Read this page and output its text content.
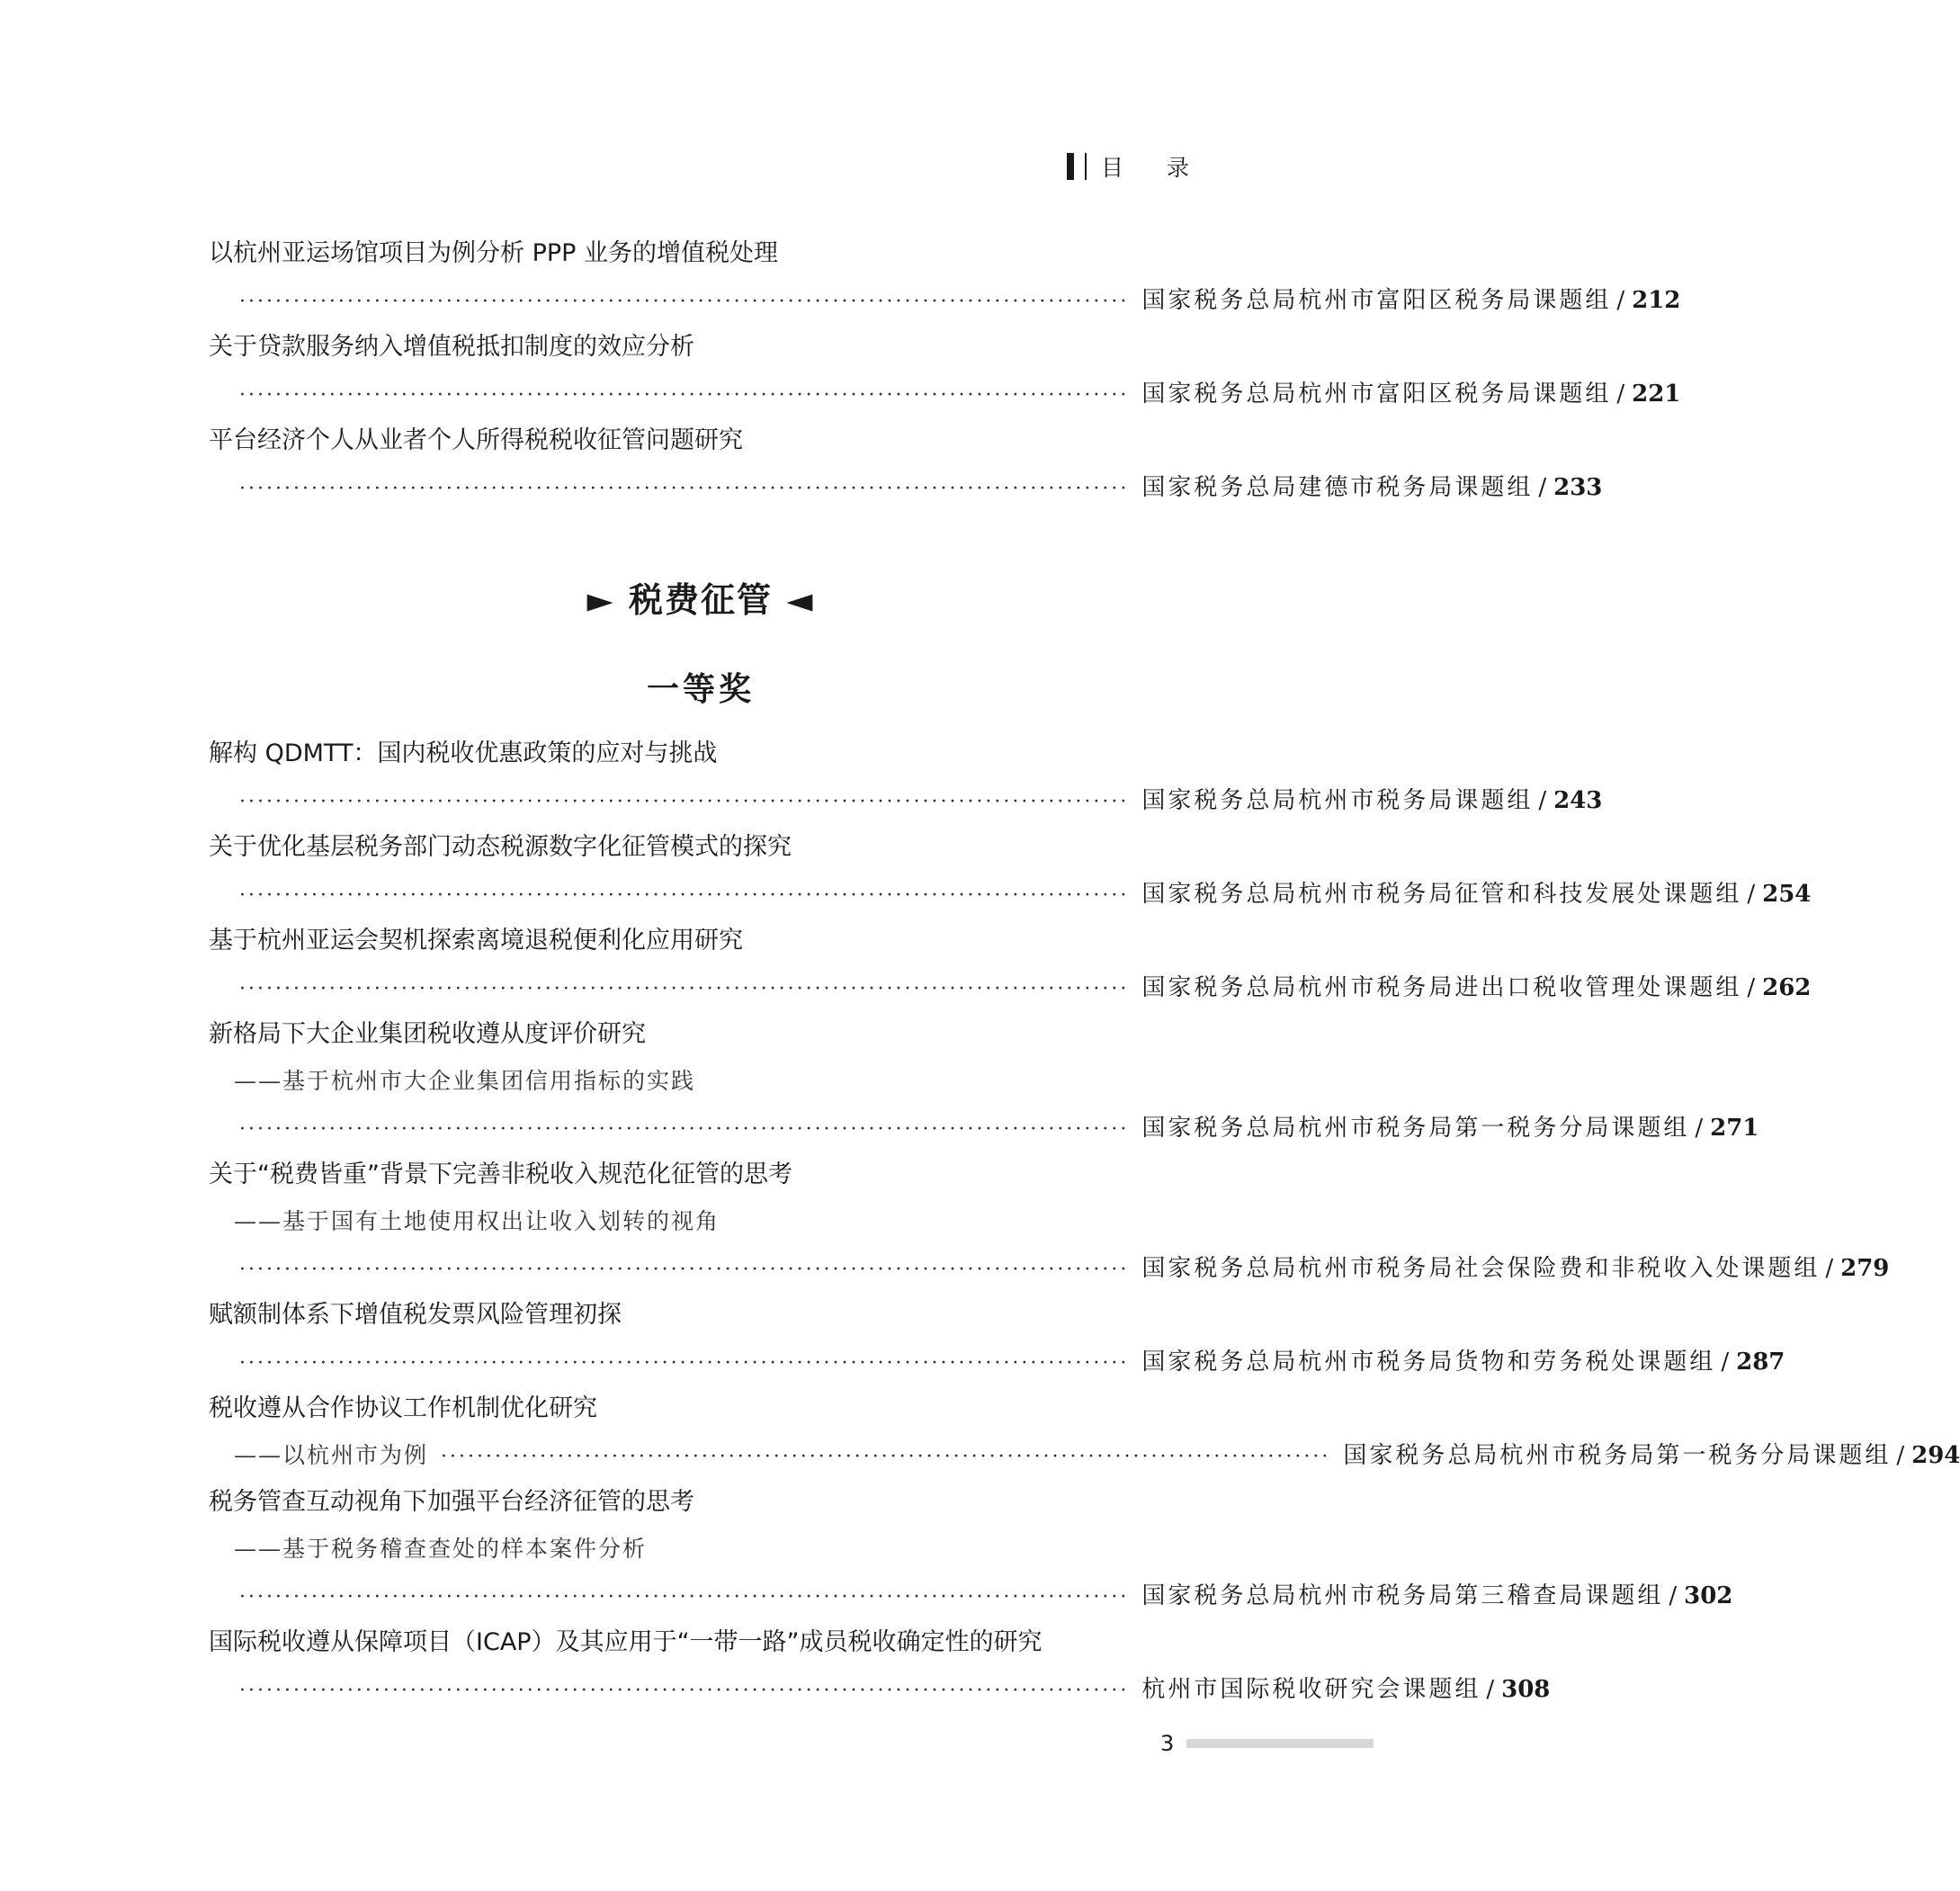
目 录
以杭州亚运场馆项目为例分析 PPP 业务的增值税处理
··································································································· 国家税务总局杭州市富阳区税务局课题组 / 212
关于贷款服务纳入增值税抵扣制度的效应分析
··································································································· 国家税务总局杭州市富阳区税务局课题组 / 221
平台经济个人从业者个人所得税税收征管问题研究
··································································································· 国家税务总局建德市税务局课题组 / 233
► 税费征管 ◄
一等奖
解构 QDMTT：国内税收优惠政策的应对与挑战
··································································································· 国家税务总局杭州市税务局课题组 / 243
关于优化基层税务部门动态税源数字化征管模式的探究
··································································································· 国家税务总局杭州市税务局征管和科技发展处课题组 / 254
基于杭州亚运会契机探索离境退税便利化应用研究
··································································································· 国家税务总局杭州市税务局进出口税收管理处课题组 / 262
新格局下大企业集团税收遵从度评价研究
——基于杭州市大企业集团信用指标的实践
··································································································· 国家税务总局杭州市税务局第一税务分局课题组 / 271
关于“税费皆重”背景下完善非税收入规范化征管的思考
——基于国有土地使用权出让收入划转的视角
··································································································· 国家税务总局杭州市税务局社会保险费和非税收入处课题组 / 279
赋额制体系下增值税发票风险管理初探
··································································································· 国家税务总局杭州市税务局货物和劳务税处课题组 / 287
税收遵从合作协议工作机制优化研究
——以杭州市为例 ··································································································· 国家税务总局杭州市税务局第一税务分局课题组 / 294
税务管查互动视角下加强平台经济征管的思考
——基于税务稽查查处的样本案件分析
··································································································· 国家税务总局杭州市税务局第三稽查局课题组 / 302
国际税收遵从保障项目（ICAP）及其应用于“一带一路”成员税收确定性的研究
··································································································· 杭州市国际税收研究会课题组 / 308
3
